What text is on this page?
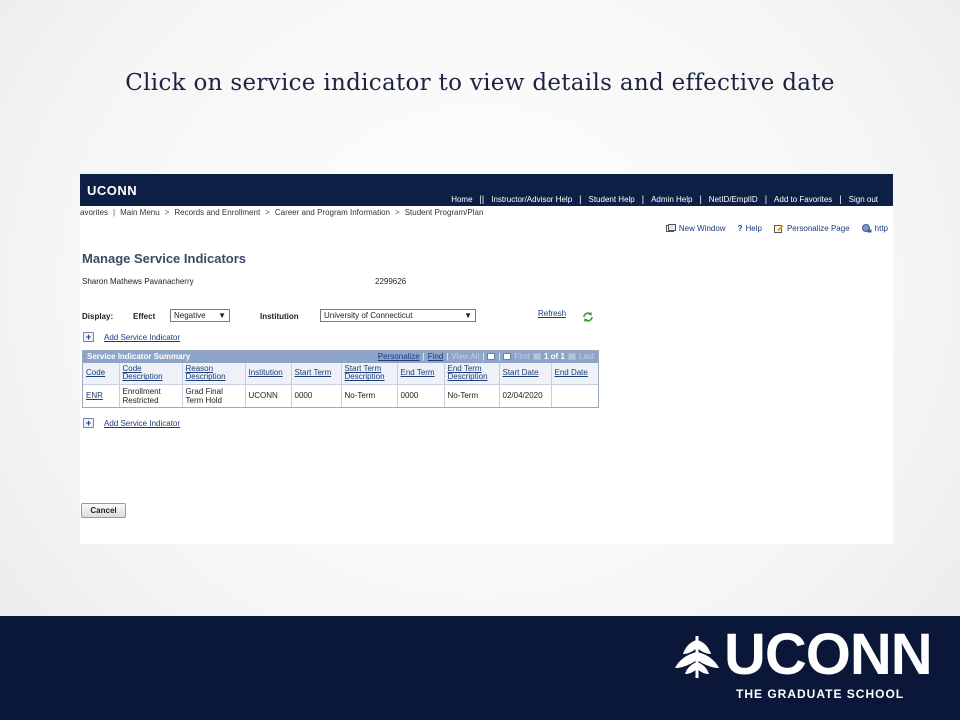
Click on service indicator to view details and effective date
UCONN
Home | | Instructor/Advisor Help | Student Help | Admin Help | NetID/EmplID | Add to Favorites | Sign out
avorites | Main Menu > Records and Enrollment > Career and Program Information > Student Program/Plan
New Window ? Help	Personalize Page	http
Manage Service Indicators
Sharon Mathews Pavanacherry	2299626
Display: Effect	Negative ▼	Institution	University of Connecticut	▼	Refresh
+	Add Service Indicator
Service Indicator Summary	Personalize | Find | View All | | First 1 of 1 Last
Code	Code Description	Reason Description	Institution	Start Term	Start Term Description	End Term	End Term Description	Start Date	End Date
ENR	Enrollment Restricted	Grad Final Term Hold	UCONN	0000	No-Term	0000	No-Term	02/04/2020	
+	Add Service Indicator
Cancel
UCONN
THE GRADUATE SCHOOL
